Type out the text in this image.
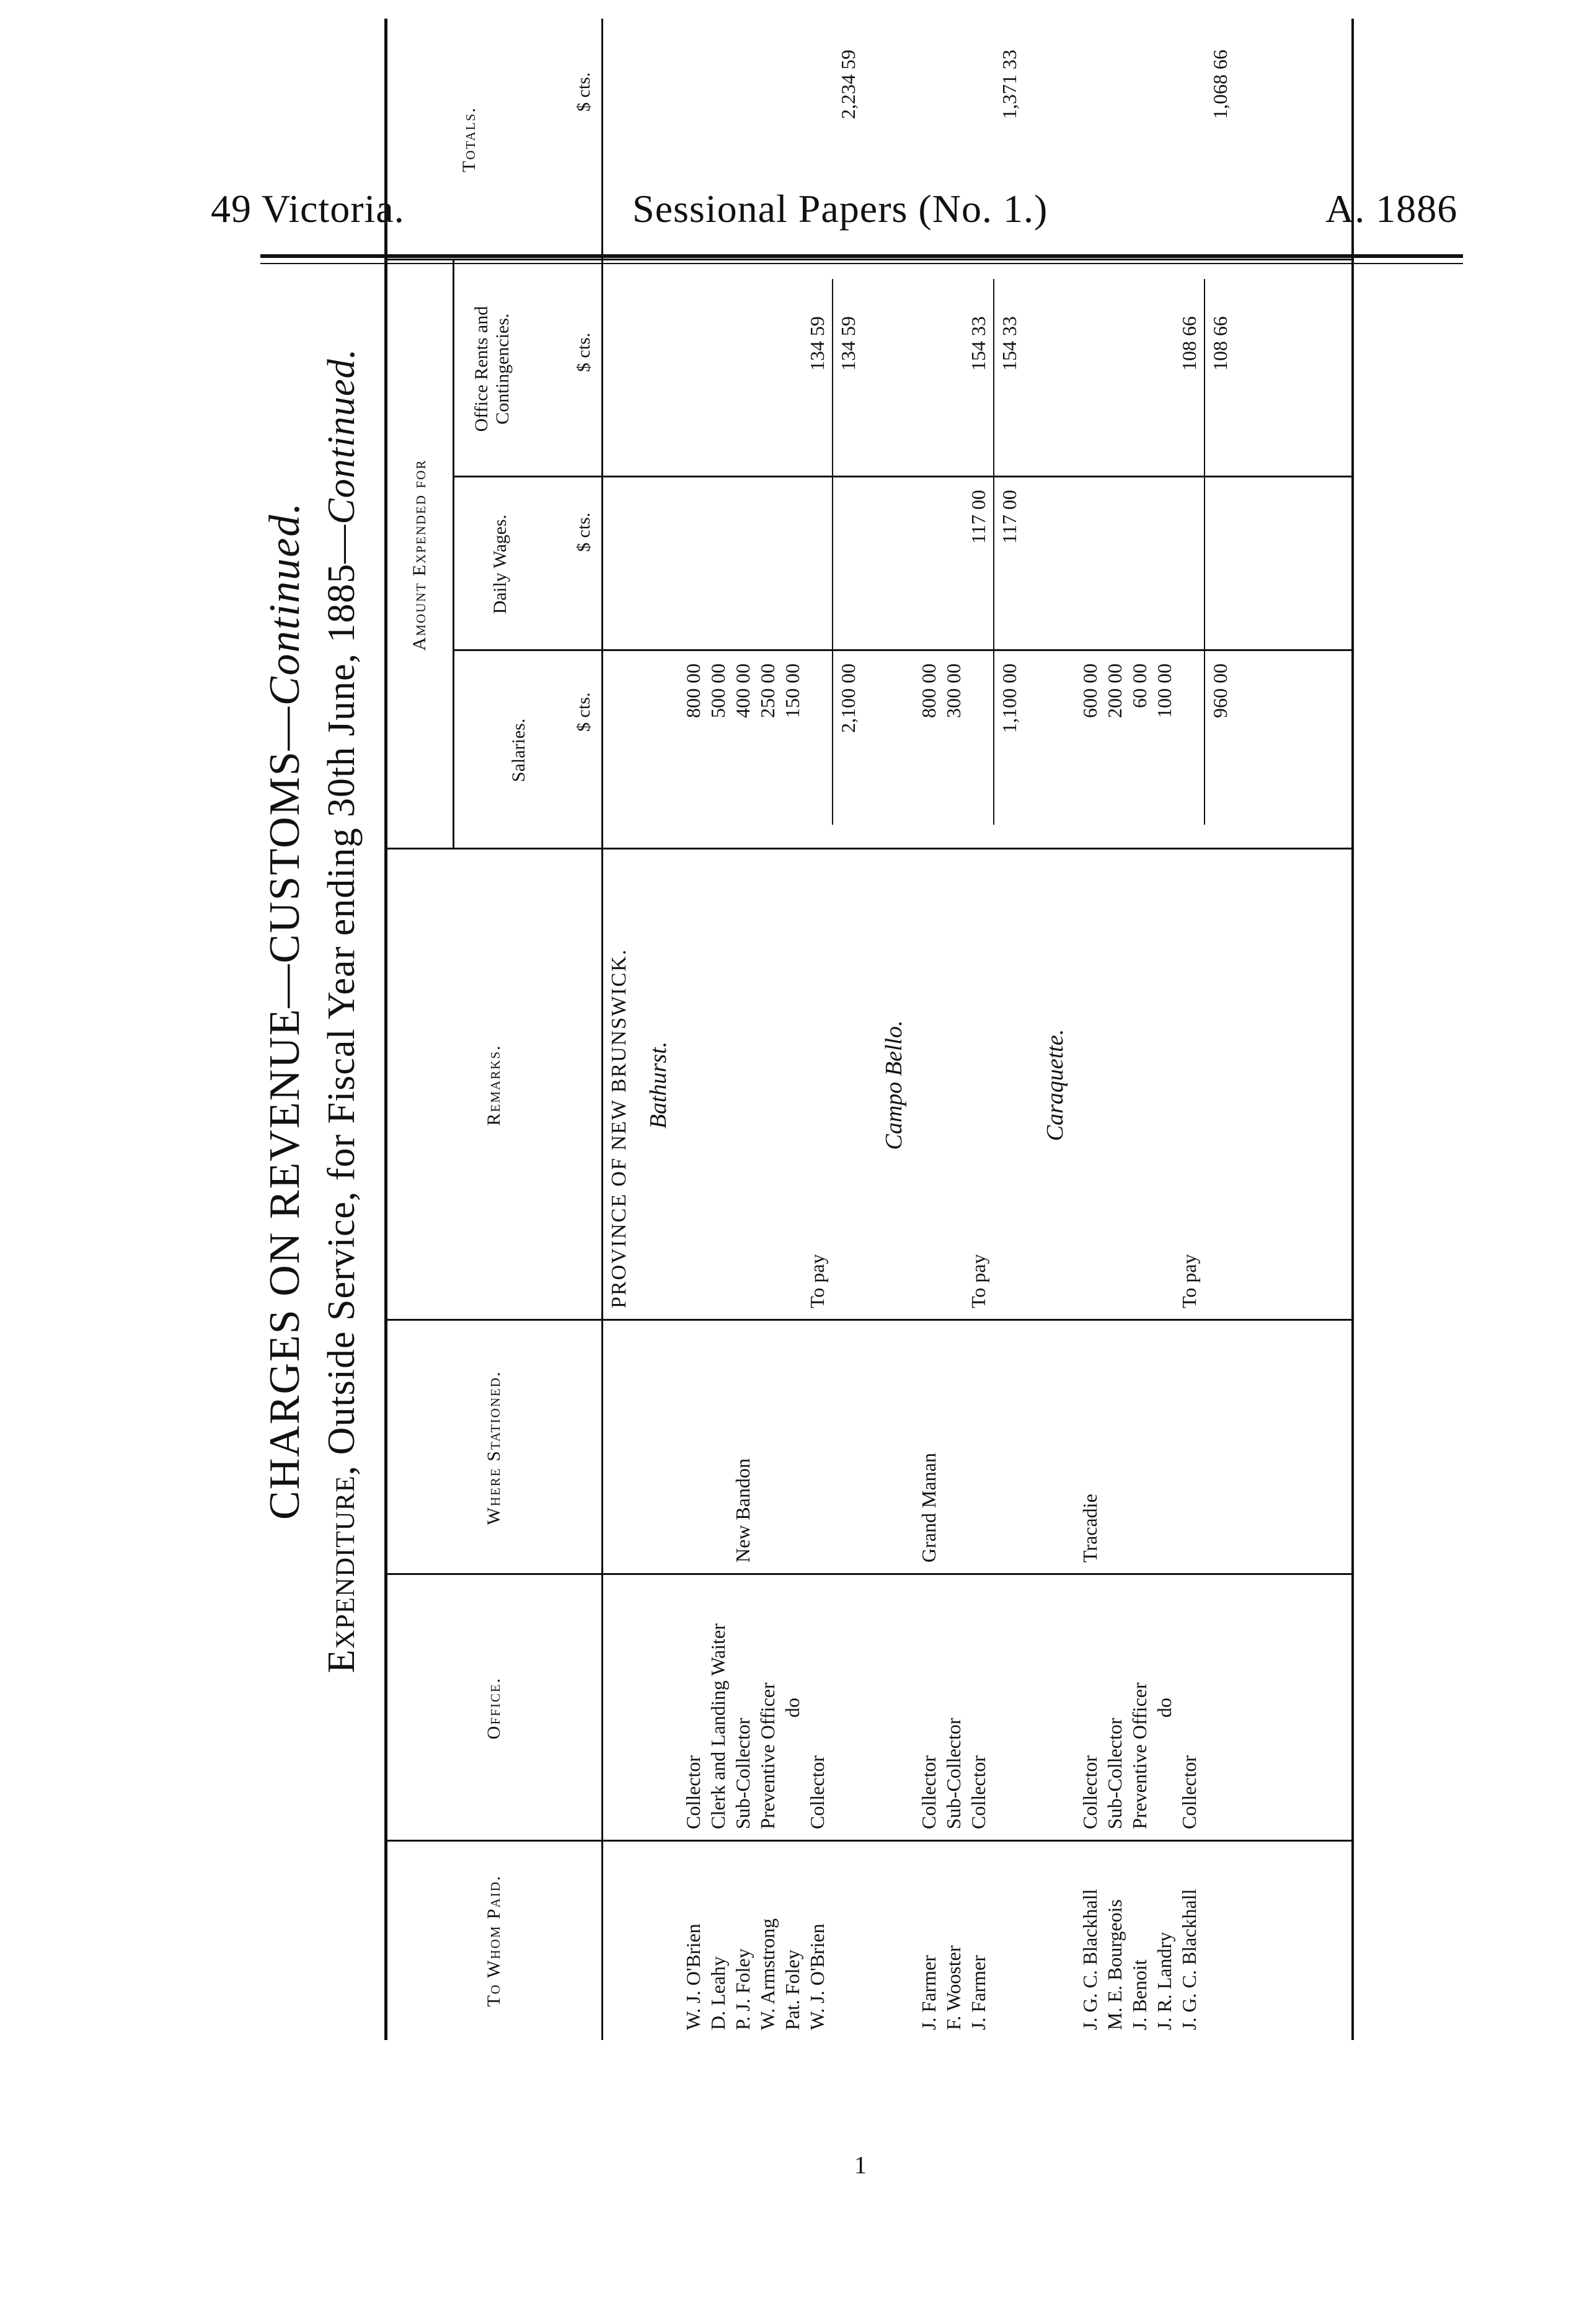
49 Victoria.	Sessional Papers (No. 1.)	A. 1886
CHARGES ON REVENUE—CUSTOMS—Continued.
Expenditure, Outside Service, for Fiscal Year ending 30th June, 1885—Continued.
To Whom Paid.
Office.
Where Stationed.
Remarks.
Amount Expended for
Salaries.
Daily Wages.
Office Rents and Contingencies.
Totals.
$ cts.
$ cts.
$ cts.
$ cts.
PROVINCE OF NEW BRUNSWICK. Bathurst.
W. J. O'Brien
Collector
800 00
D. Leahy
Clerk and Landing Waiter
500 00
P. J. Foley
Sub-Collector
New Bandon
400 00
W. Armstrong
Preventive Officer
250 00
Pat. Foley
do
150 00
W. J. O'Brien
Collector
To pay
134 59
2,100 00
134 59
2,234 59
Campo Bello.
J. Farmer
Collector
Grand Manan
800 00
F. Wooster
Sub-Collector
300 00
J. Farmer
Collector
To pay
117 00
154 33
1,100 00
117 00
154 33
1,371 33
Caraquette.
J. G. C. Blackhall
Collector
Tracadie
600 00
M. E. Bourgeois
Sub-Collector
200 00
J. Benoit
Preventive Officer
60 00
J. R. Landry
do
100 00
J. G. C. Blackhall
Collector
To pay
108 66
960 00
108 66
1,068 66
1
